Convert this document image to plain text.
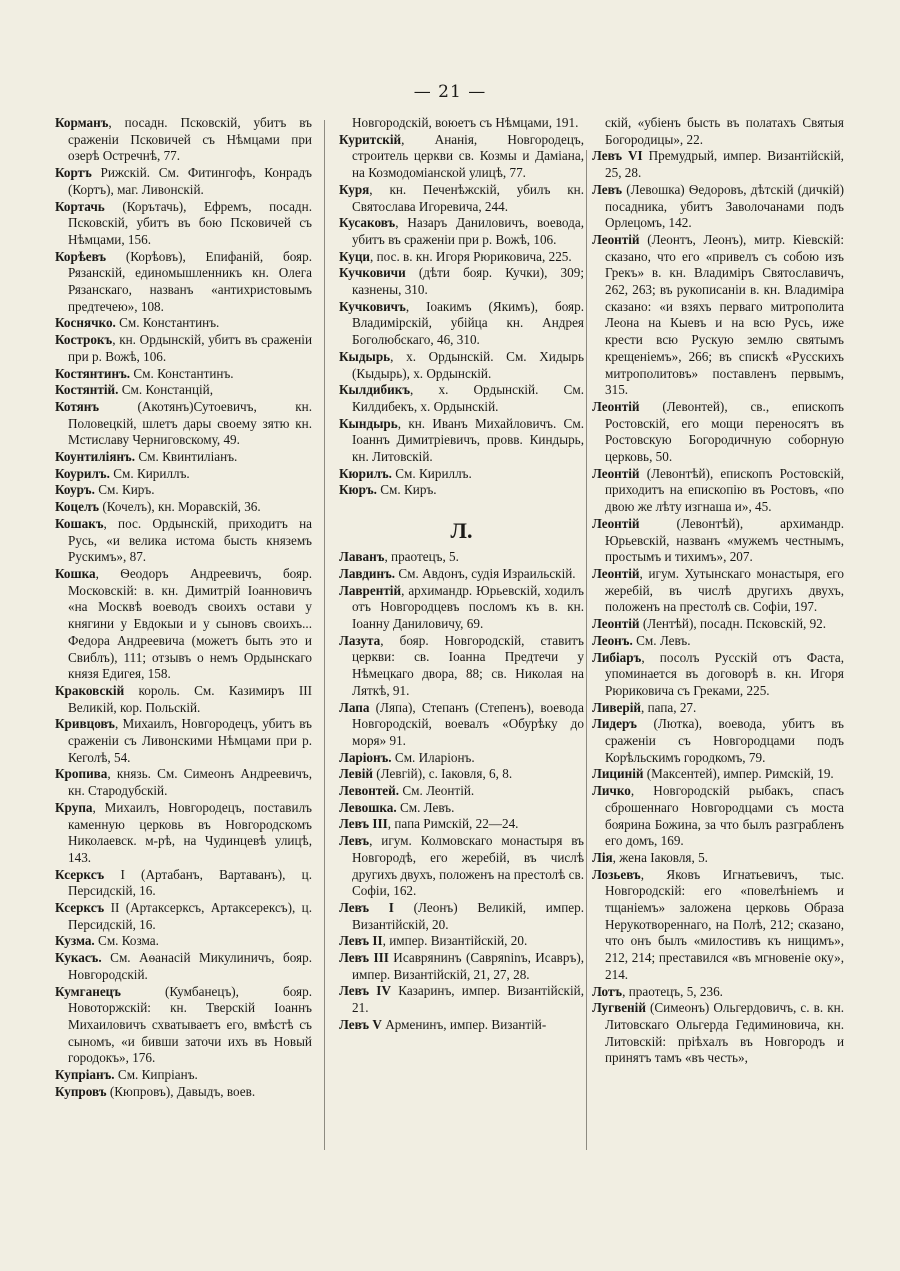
— 21 —

Корманъ, посадн. Псковскій, убитъ въ сраженіи Псковичей съ Нѣмцами при озерѣ Остречнѣ, 77.

Кортъ Рижскій. См. Фитингофъ, Конрадъ (Кортъ), маг. Ливонскій.

Кортачь (Корътачь), Ефремъ, посадн. Псковскій, убитъ въ бою Псковичей съ Нѣмцами, 156.

Корѣевъ (Корѣовъ), Епифаній, бояр. Рязанскій, единомышленникъ кн. Олега Рязанскаго, названъ «антихристовымъ предтечею», 108.

Коснячко. См. Константинъ.

Кострокъ, кн. Ордынскій, убитъ въ сраженіи при р. Вожѣ, 106.

Костянтинъ. См. Константинъ.

Костянтій. См. Констанцій,

Котянъ (Акотянъ)Сутоевичъ, кн. Половецкій, шлетъ дары своему зятю кн. Мстиславу Черниговскому, 49.

Коунтиліянъ. См. Квинтиліанъ.

Коурилъ. См. Кириллъ.

Коуръ. См. Киръ.

Коцелъ (Кочелъ), кн. Моравскій, 36.

Кошакъ, пос. Ордынскій, приходитъ на Русь, «и велика истома бысть княземъ Рускимъ», 87.

Кошка, Ѳеодоръ Андреевичъ, бояр. Московскій: в. кн. Димитрій Іоанновичъ «на Москвѣ воеводъ своихъ остави у княгини у Евдокыи и у сыновъ своихъ... Федора Андреевича (можетъ быть это и Свиблъ), 111; отзывъ о немъ Ордынскаго князя Едигея, 158.

Краковскій король. См. Казимиръ III Великій, кор. Польскій.

Кривцовъ, Михаилъ, Новгородецъ, убитъ въ сраженіи съ Ливонскими Нѣмцами при р. Кеголѣ, 54.

Кропива, князь. См. Симеонъ Андреевичъ, кн. Стародубскій.

Крупа, Михаилъ, Новгородецъ, поставилъ каменную церковь въ Новгородскомъ Николаевск. м-рѣ, на Чудинцевѣ улицѣ, 143.

Ксерксъ I (Артабанъ, Вартаванъ), ц. Персидскій, 16.

Ксерксъ II (Артаксерксъ, Артаксерексъ), ц. Персидскій, 16.

Кузма. См. Козма.

Кукасъ. См. Аѳанасій Микулиничъ, бояр. Новгородскій.

Кумганецъ (Кумбанецъ), бояр. Новоторжскій: кн. Тверскій Іоаннъ Михаиловичъ схватываетъ его, вмѣстѣ съ сыномъ, «и бивши заточи ихъ въ Новый городокъ», 176.

Купріанъ. См. Кипріанъ.

Купровъ (Кюпровъ), Давыдъ, воев.

Новгородскій, воюетъ съ Нѣмцами, 191.

Куритскій, Ананія, Новгородецъ, строитель церкви св. Козмы и Даміана, на Козмодоміанской улицѣ, 77.

Куря, кн. Печенѣжскій, убилъ кн. Святослава Игоревича, 244.

Кусаковъ, Назаръ Даниловичъ, воевода, убитъ въ сраженіи при р. Вожѣ, 106.

Куци, пос. в. кн. Игоря Рюриковича, 225.

Кучковичи (дѣти бояр. Кучки), 309; казнены, 310.

Кучковичъ, Іоакимъ (Якимъ), бояр. Владимірскій, убійца кн. Андрея Боголюбскаго, 46, 310.

Кыдырь, х. Ордынскій. См. Хидырь (Кыдырь), х. Ордынскій.

Кылдибикъ, х. Ордынскій. См. Килдибекъ, х. Ордынскій.

Кындырь, кн. Иванъ Михайловичъ. См. Іоаннъ Димитріевичъ, провв. Киндырь, кн. Литовскій.

Кюрилъ. См. Кириллъ.

Кюръ. См. Киръ.

Л.

Лаванъ, праотецъ, 5.

Лавдинъ. См. Авдонъ, судія Израильскій.

Лаврентій, архимандр. Юрьевскій, ходилъ отъ Новгородцевъ посломъ къ в. кн. Іоанну Даниловичу, 69.

Лазута, бояр. Новгородскій, ставитъ церкви: св. Іоанна Предтечи у Нѣмецкаго двора, 88; св. Николая на Ляткѣ, 91.

Лапа (Ляпа), Степанъ (Степенъ), воевода Новгородскій, воевалъ «Обурѣку до моря» 91.

Ларіонъ. См. Иларіонъ.

Левій (Левгій), с. Іаковля, 6, 8.

Левонтей. См. Леонтій.

Левошка. См. Левъ.

Левъ III, папа Римскій, 22—24.

Левъ, игум. Колмовскаго монастыря въ Новгородѣ, его жеребій, въ числѣ другихъ двухъ, положенъ на престолѣ св. Софіи, 162.

Левъ I (Леонъ) Великій, импер. Византійскій, 20.

Левъ II, импер. Византійскій, 20.

Левъ III Исаврянинъ (Савряninъ, Исавръ), импер. Византійскій, 21, 27, 28.

Левъ IV Казаринъ, импер. Византійскій, 21.

Левъ V Арменинъ, импер. Византій-

скій, «убіенъ бысть въ полатахъ Святыя Богородицы», 22.

Левъ VI Премудрый, импер. Византійскій, 25, 28.

Левъ (Левошка) Ѳедоровъ, дѣтскій (дичкій) посадника, убитъ Заволочанами подъ Орлецомъ, 142.

Леонтій (Леонтъ, Леонъ), митр. Кіевскій: сказано, что его «привелъ съ собою изъ Грекъ» в. кн. Владиміръ Святославичъ, 262, 263; въ рукописаніи в. кн. Владиміра сказано: «и взяхъ перваго митрополита Леона на Кыевъ и на всю Русь, иже крести всю Рускую землю святымъ крещеніемъ», 266; въ спискѣ «Русскихъ митрополитовъ» поставленъ первымъ, 315.

Леонтій (Левонтей), св., епископъ Ростовскій, его мощи переносятъ въ Ростовскую Богородичную соборную церковь, 50.

Леонтій (Левонтѣй), епископъ Ростовскій, приходитъ на епископію въ Ростовъ, «по двою же лѣту изгнаша и», 45.

Леонтій (Левонтѣй), архимандр. Юрьевскій, названъ «мужемъ честнымъ, простымъ и тихимъ», 207.

Леонтій, игум. Хутынскаго монастыря, его жеребій, въ числѣ другихъ двухъ, положенъ на престолѣ св. Софіи, 197.

Леонтій (Лентѣй), посадн. Псковскій, 92.

Леонъ. См. Левъ.

Либіаръ, посолъ Русскій отъ Фаста, упоминается въ договорѣ в. кн. Игоря Рюриковича съ Греками, 225.

Ливерій, папа, 27.

Лидеръ (Лютка), воевода, убитъ въ сраженіи съ Новгородцами подъ Корѣльскимъ городкомъ, 79.

Лициній (Максентей), импер. Римскій, 19.

Личко, Новгородскій рыбакъ, спасъ сброшеннаго Новгородцами съ моста боярина Божина, за что былъ разграбленъ его домъ, 169.

Лія, жена Іаковля, 5.

Лозьевъ, Яковъ Игнатьевичъ, тыс. Новгородскій: его «повелѣніемъ и тщаніемъ» заложена церковь Образа Нерукотвореннаго, на Полѣ, 212; сказано, что онъ былъ «милостивъ къ нищимъ», 212, 214; преставился «въ мгновеніе оку», 214.

Лотъ, праотецъ, 5, 236.

Лугвеній (Симеонъ) Ольгердовичъ, с. в. кн. Литовскаго Ольгерда Гедиминовича, кн. Литовскій: пріѣхалъ въ Новгородъ и принятъ тамъ «въ честь»,
